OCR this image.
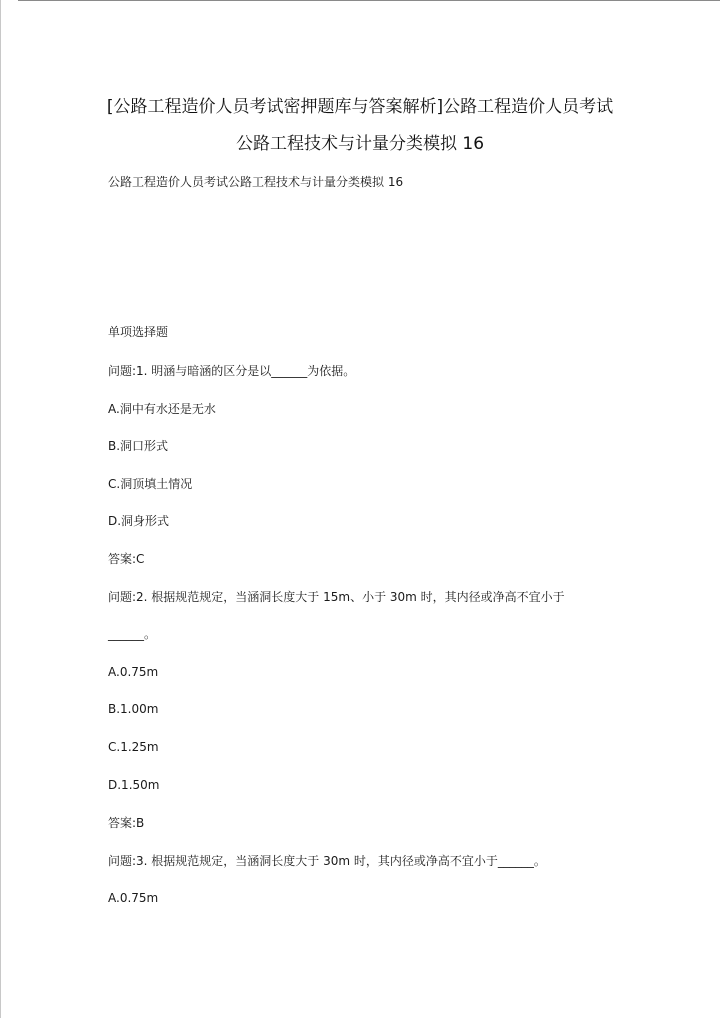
[公路工程造价人员考试密押题库与答案解析]公路工程造价人员考试
公路工程技术与计量分类模拟 16
公路工程造价人员考试公路工程技术与计量分类模拟 16
单项选择题
问题:1. 明涵与暗涵的区分是以______为依据。
A.洞中有水还是无水
B.洞口形式
C.洞顶填土情况
D.洞身形式
答案:C
问题:2. 根据规范规定，当涵洞长度大于 15m、小于 30m 时，其内径或净高不宜小于
______。
A.0.75m
B.1.00m
C.1.25m
D.1.50m
答案:B
问题:3. 根据规范规定，当涵洞长度大于 30m 时，其内径或净高不宜小于______。
A.0.75m
